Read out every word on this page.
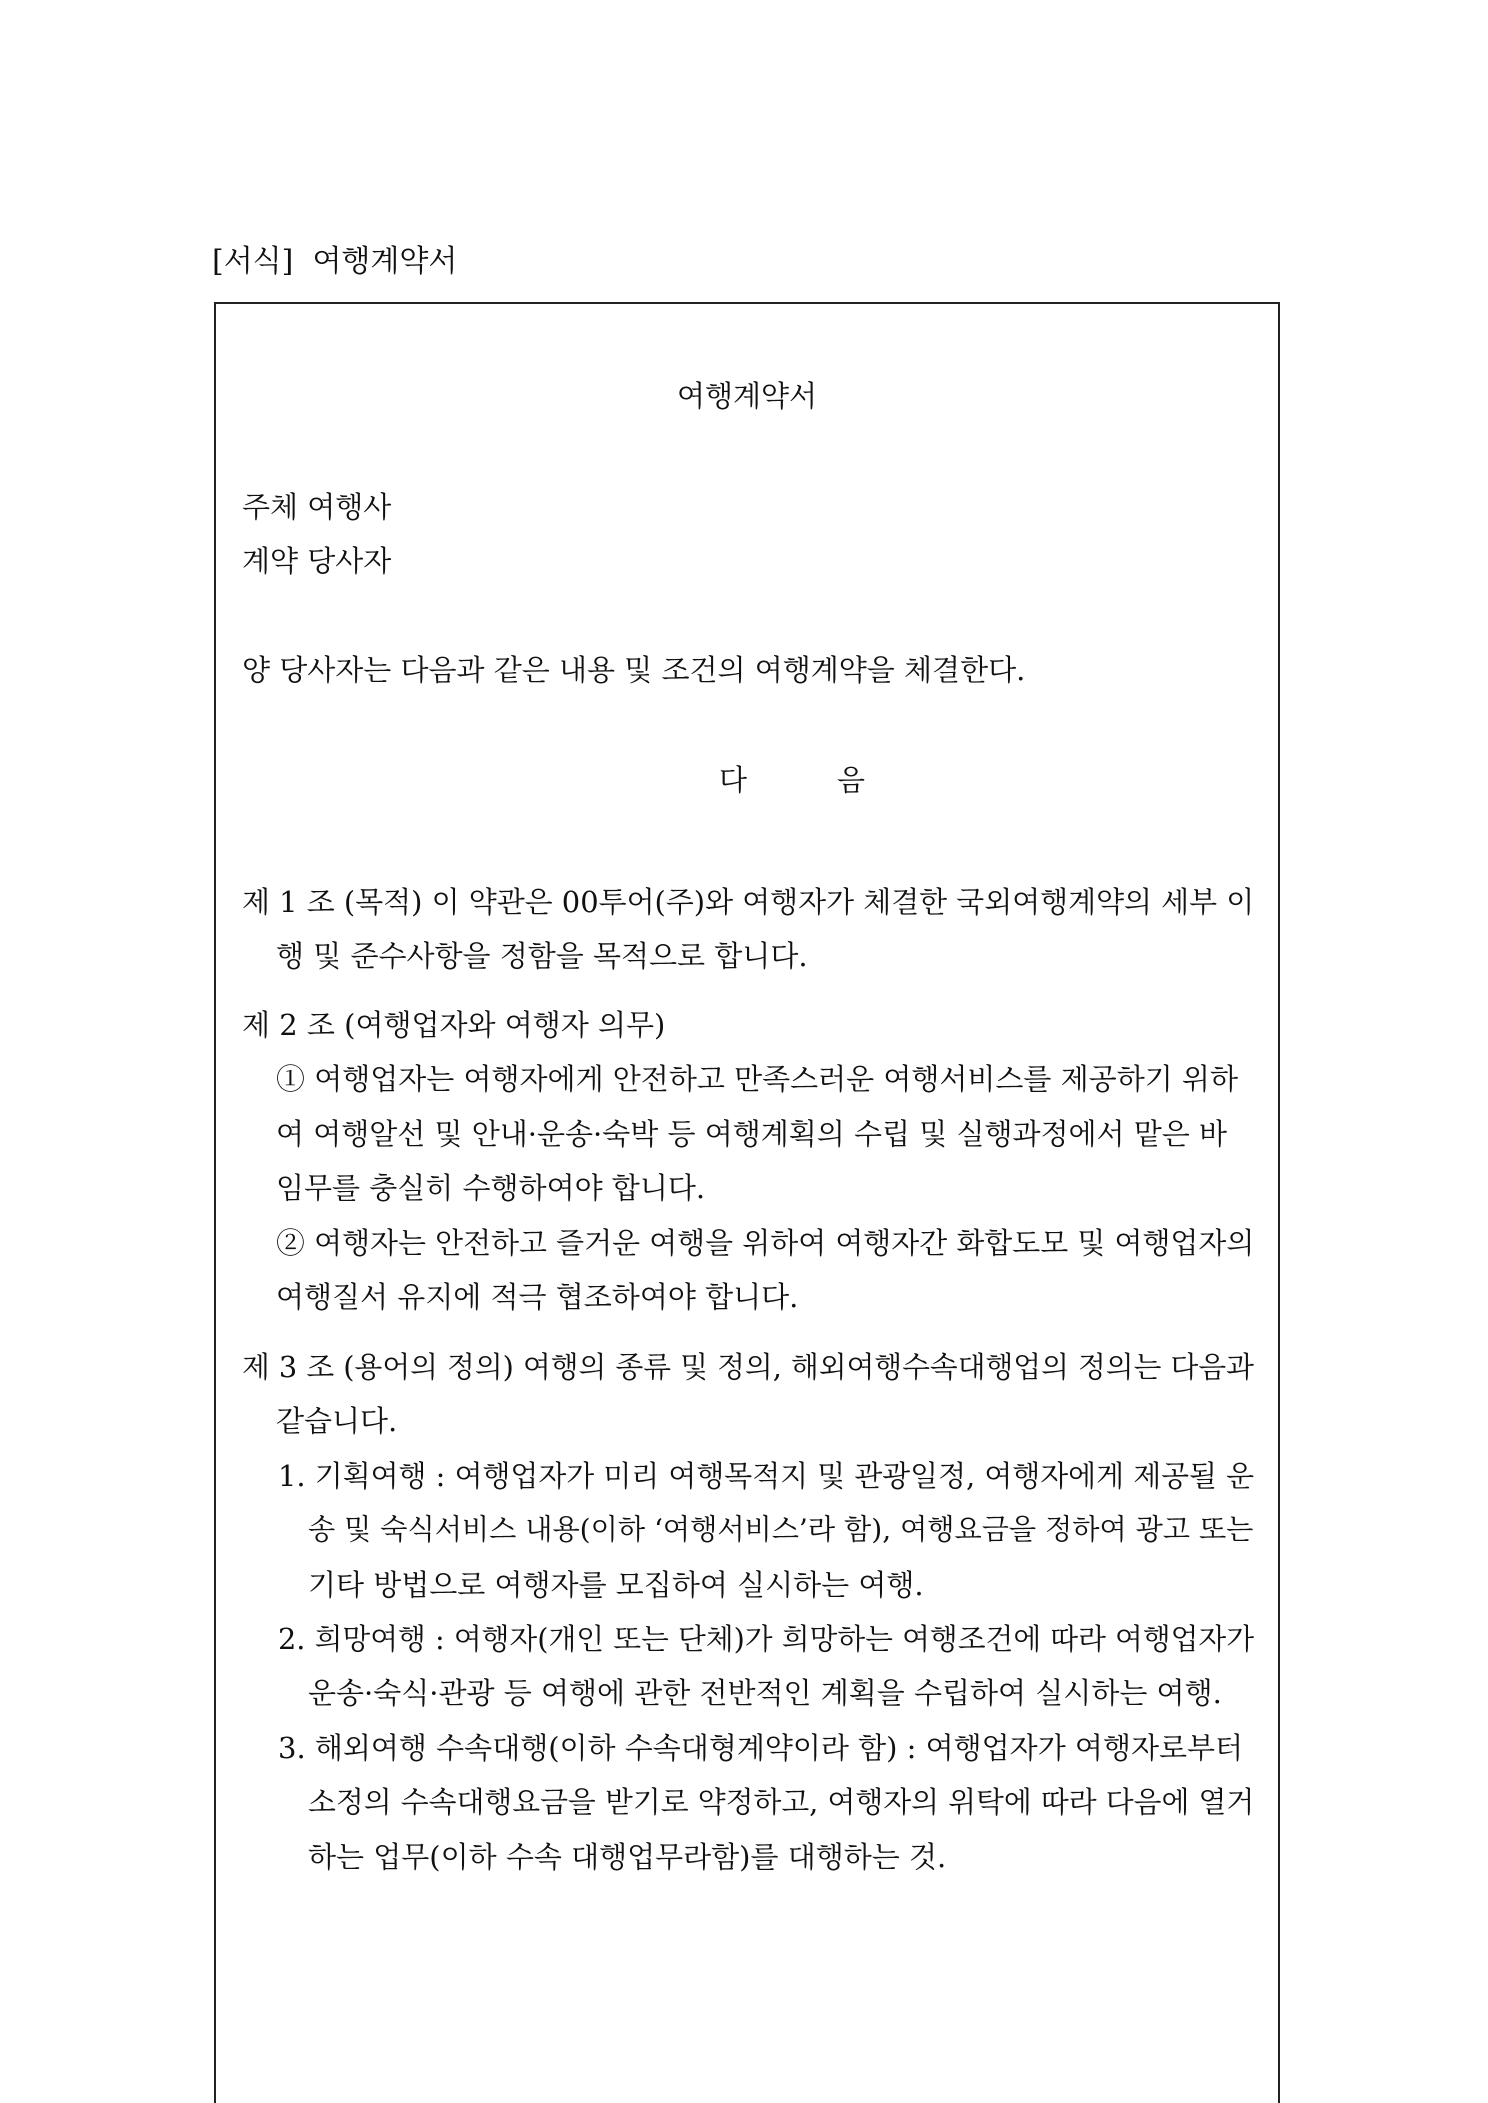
[서식]  여행계약서
여행계약서
주체 여행사
계약 당사자
양 당사자는 다음과 같은 내용 및 조건의 여행계약을 체결한다.
다음
제 1 조 (목적) 이 약관은 00투어(주)와 여행자가 체결한 국외여행계약의 세부 이
행 및 준수사항을 정함을 목적으로 합니다.
제 2 조 (여행업자와 여행자 의무)
① 여행업자는 여행자에게 안전하고 만족스러운 여행서비스를 제공하기 위하
여 여행알선 및 안내·운송·숙박 등 여행계획의 수립 및 실행과정에서 맡은 바
임무를 충실히 수행하여야 합니다.
② 여행자는 안전하고 즐거운 여행을 위하여 여행자간 화합도모 및 여행업자의
여행질서 유지에 적극 협조하여야 합니다.
제 3 조 (용어의 정의) 여행의 종류 및 정의, 해외여행수속대행업의 정의는 다음과
같습니다.
1. 기획여행 : 여행업자가 미리 여행목적지 및 관광일정, 여행자에게 제공될 운
송 및 숙식서비스 내용(이하 ‘여행서비스’라 함), 여행요금을 정하여 광고 또는
기타 방법으로 여행자를 모집하여 실시하는 여행.
2. 희망여행 : 여행자(개인 또는 단체)가 희망하는 여행조건에 따라 여행업자가
운송·숙식·관광 등 여행에 관한 전반적인 계획을 수립하여 실시하는 여행.
3. 해외여행 수속대행(이하 수속대형계약이라 함) : 여행업자가 여행자로부터
소정의 수속대행요금을 받기로 약정하고, 여행자의 위탁에 따라 다음에 열거
하는 업무(이하 수속 대행업무라함)를 대행하는 것.
